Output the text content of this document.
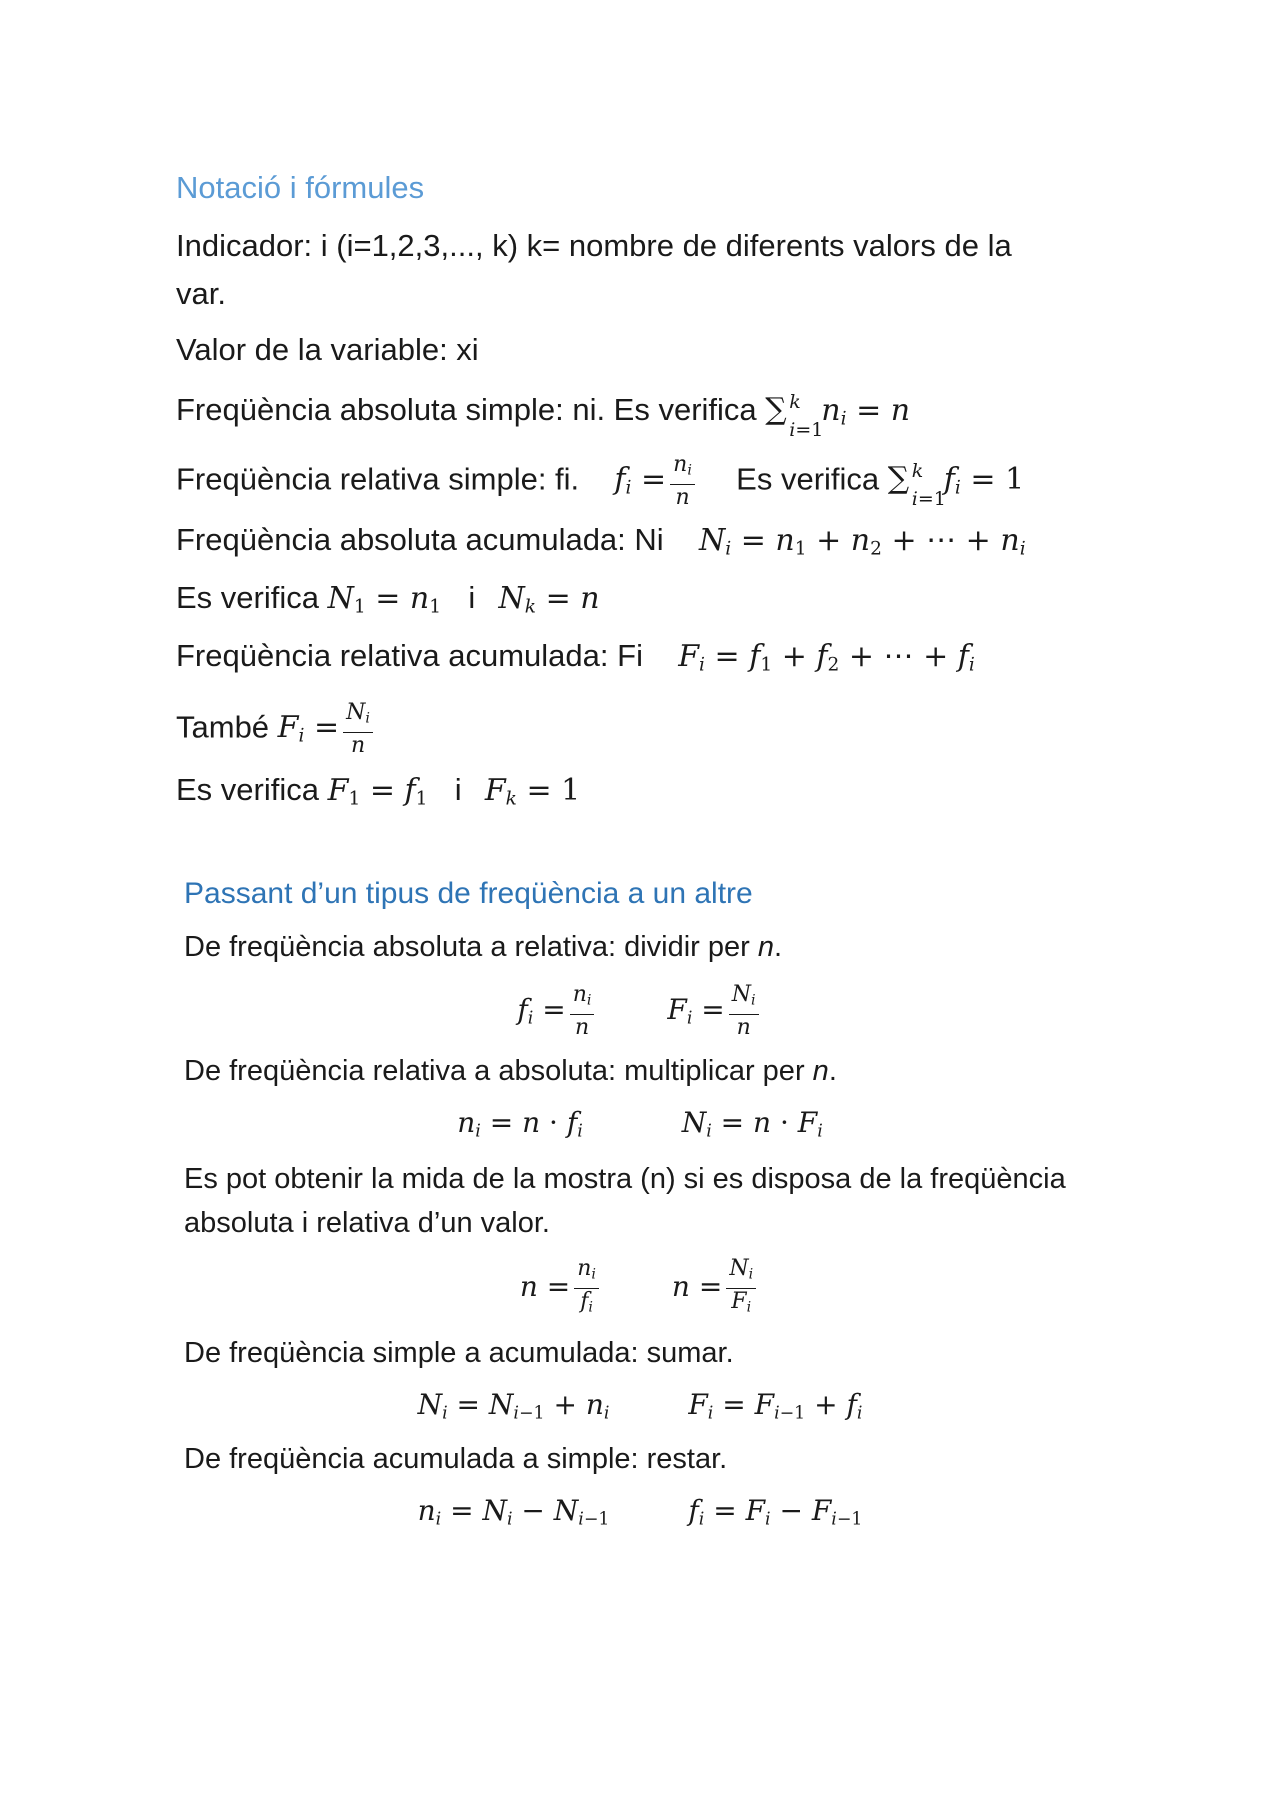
Notació i fórmules
Indicador: i (i=1,2,3,..., k) k= nombre de diferents valors de la
var.
Valor de la variable: xi
Freqüència absoluta simple: ni. Es verifica ∑ k
i=1
$n_i = n$
Freqüència relativa simple: fi. $f_i = \frac{n_i}{n}$ Es verifica ∑ k
i=1
$f_i = 1$
Freqüència absoluta acumulada: Ni $N_i = n_1 + n_2$ + ⋯ + $n_i$
Es verifica $N_1 = n_1$ i $N_k = n$
Freqüència relativa acumulada: Fi $F_i = f_1 + f_2$ + ⋯ + $f_i$
També $F_i = \frac{N_i}{n}$
Es verifica $F_1 = f_1$ i $F_k = 1$
Passant d’un tipus de freqüència a un altre
De freqüència absoluta a relativa: dividir per n.
$f_i = \frac{n_i}{n}$	$F_i = \frac{N_i}{n}$
De freqüència relativa a absoluta: multiplicar per n.
$n_i = n \cdot f_i$	$N_i = n \cdot F_i$
Es pot obtenir la mida de la mostra (n) si es disposa de la freqüència
absoluta i relativa d’un valor.
$n = \frac{n_i}{f_i}$	$n = \frac{N_i}{F_i}$
De freqüència simple a acumulada: sumar.
$N_i = N_{i-1} + n_i$	$F_i = F_{i-1} + f_i$
De freqüència acumulada a simple: restar.
$n_i = N_i - N_{i-1}$	$f_i = F_i - F_{i-1}$
